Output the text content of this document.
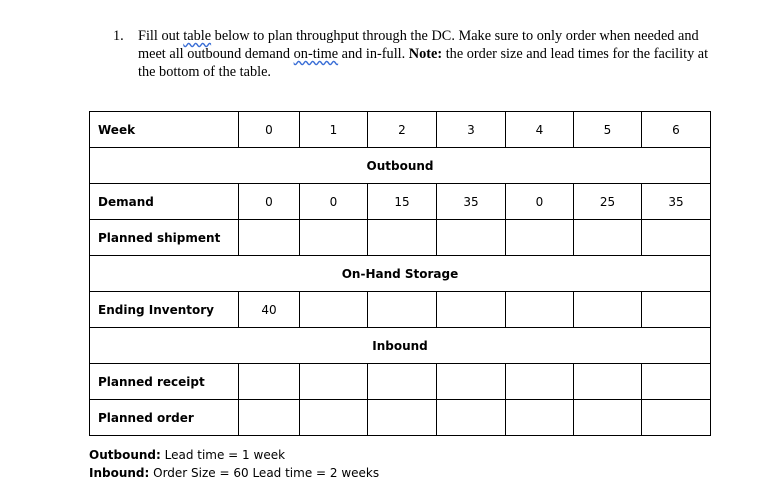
1. Fill out table below to plan throughput through the DC. Make sure to only order when needed and meet all outbound demand on-time and in-full. Note: the order size and lead times for the facility at the bottom of the table.
Week	0	1	2	3	4	5	6
Outbound							
Demand	0	0	15	35	0	25	35
Planned shipment							
On-Hand Storage							
Ending Inventory	40						
Inbound							
Planned receipt							
Planned order							
Outbound: Lead time = 1 week
Inbound: Order Size = 60 Lead time = 2 weeks
